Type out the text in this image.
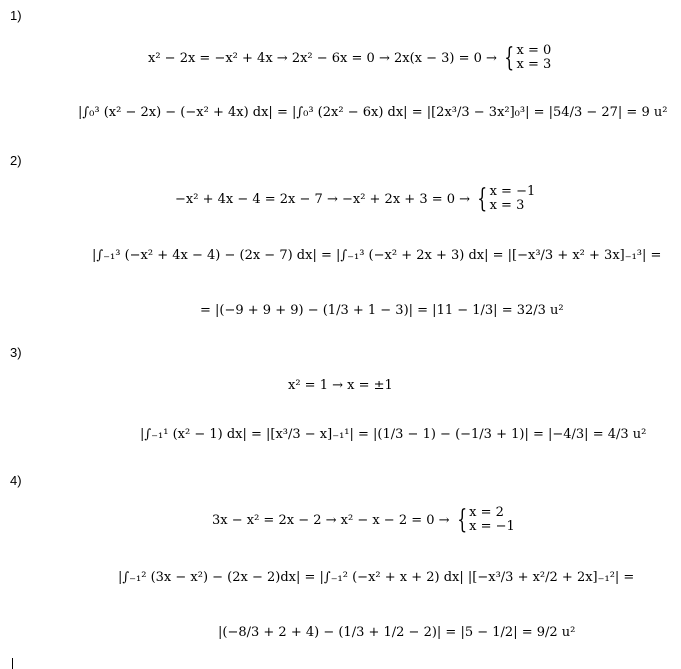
1)
x² − 2x = −x² + 4x → 2x² − 6x = 0 → 2x(x − 3) = 0 → { x = 0
x = 3
|∫₀³ (x² − 2x) − (−x² + 4x) dx| = |∫₀³ (2x² − 6x) dx| = |[2x³/3 − 3x²]₀³| = |54/3 − 27| = 9 u²
2)
−x² + 4x − 4 = 2x − 7 → −x² + 2x + 3 = 0 → { x = −1
x = 3
|∫₋₁³ (−x² + 4x − 4) − (2x − 7) dx| = |∫₋₁³ (−x² + 2x + 3) dx| = |[−x³/3 + x² + 3x]₋₁³| =
= |(−9 + 9 + 9) − (1/3 + 1 − 3)| = |11 − 1/3| = 32/3 u²
3)
x² = 1 → x = ±1
|∫₋₁¹ (x² − 1) dx| = |[x³/3 − x]₋₁¹| = |(1/3 − 1) − (−1/3 + 1)| = |−4/3| = 4/3 u²
4)
3x − x² = 2x − 2 → x² − x − 2 = 0 → { x = 2
x = −1
|∫₋₁² (3x − x²) − (2x − 2)dx| = |∫₋₁² (−x² + x + 2) dx| |[−x³/3 + x²/2 + 2x]₋₁²| =
|(−8/3 + 2 + 4) − (1/3 + 1/2 − 2)| = |5 − 1/2| = 9/2 u²
